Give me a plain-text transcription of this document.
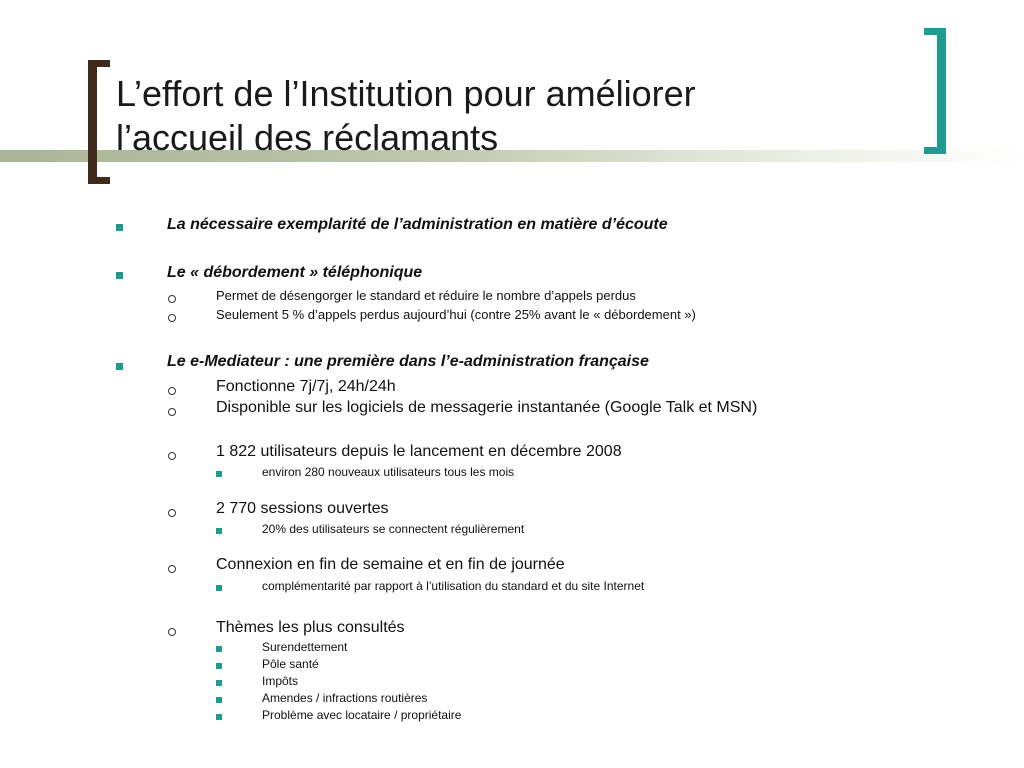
L’effort de l’Institution pour améliorer
l’accueil des réclamants
La nécessaire exemplarité de l’administration en matière d’écoute
Le « débordement » téléphonique
Permet de désengorger le standard et réduire le nombre d’appels perdus
Seulement 5 % d’appels perdus aujourd’hui (contre 25% avant le « débordement »)
Le e-Mediateur : une première dans l’e-administration française
Fonctionne 7j/7j, 24h/24h
Disponible sur les logiciels de messagerie instantanée (Google Talk et MSN)
1 822 utilisateurs depuis le lancement en décembre 2008
environ 280 nouveaux utilisateurs tous les mois
2 770 sessions ouvertes
20% des utilisateurs se connectent régulièrement
Connexion en fin de semaine et en fin de journée
complémentarité par rapport à l’utilisation du standard et du site Internet
Thèmes les plus consultés
Surendettement
Pôle santé
Impôts
Amendes / infractions routières
Problème avec locataire / propriétaire
